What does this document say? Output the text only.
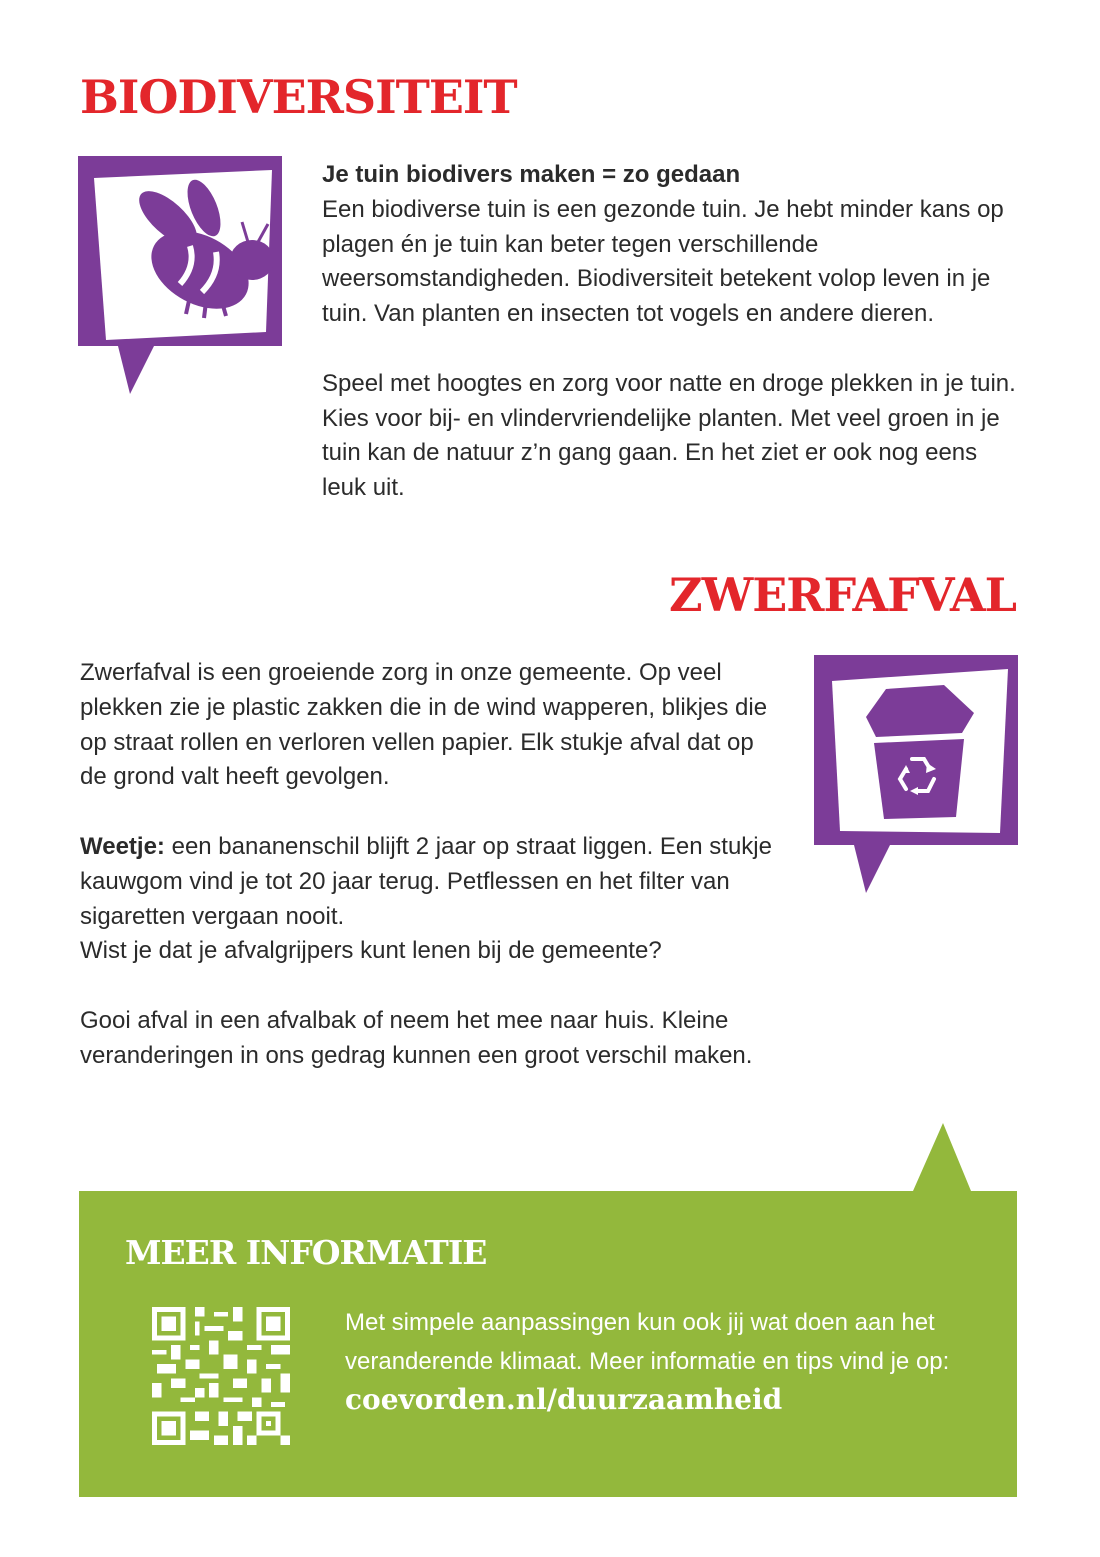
BIODIVERSITEIT

Je tuin biodivers maken = zo gedaan
Een biodiverse tuin is een gezonde tuin. Je hebt minder kans op plagen én je tuin kan beter tegen verschillende weersomstandigheden. Biodiversiteit betekent volop leven in je tuin. Van planten en insecten tot vogels en andere dieren.

Speel met hoogtes en zorg voor natte en droge plekken in je tuin. Kies voor bij- en vlindervriendelijke planten. Met veel groen in je tuin kan de natuur z’n gang gaan. En het ziet er ook nog eens leuk uit.

ZWERFAFVAL

Zwerfafval is een groeiende zorg in onze gemeente. Op veel plekken zie je plastic zakken die in de wind wapperen, blikjes die op straat rollen en verloren vellen papier. Elk stukje afval dat op de grond valt heeft gevolgen.

Weetje: een bananenschil blijft 2 jaar op straat liggen. Een stukje kauwgom vind je tot 20 jaar terug. Petflessen en het filter van sigaretten vergaan nooit.
Wist je dat je afvalgrijpers kunt lenen bij de gemeente?

Gooi afval in een afvalbak of neem het mee naar huis. Kleine veranderingen in ons gedrag kunnen een groot verschil maken.

MEER INFORMATIE

Met simpele aanpassingen kun ook jij wat doen aan het veranderende klimaat. Meer informatie en tips vind je op:

coevorden.nl/duurzaamheid
